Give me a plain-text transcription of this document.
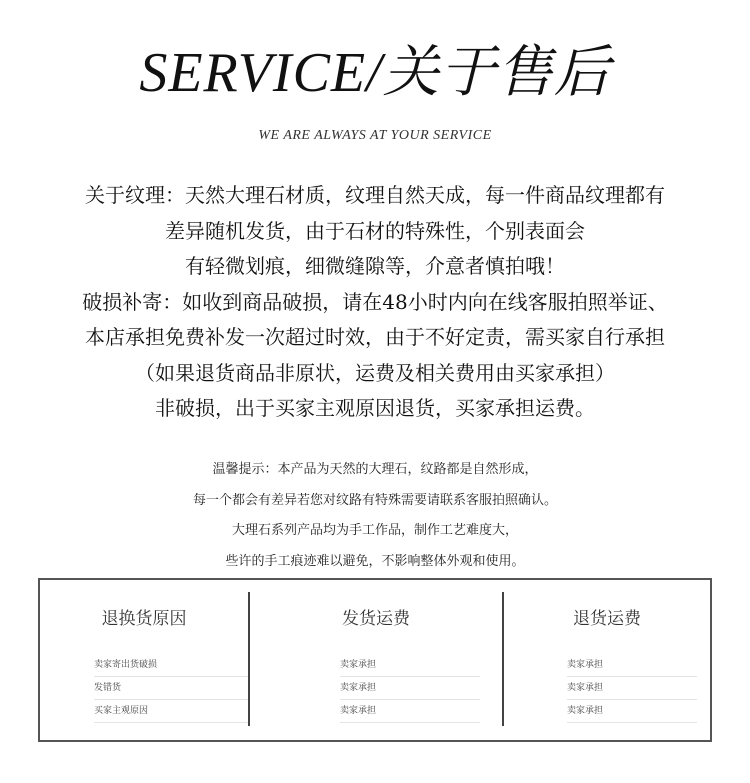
SERVICE/关于售后
WE ARE ALWAYS AT YOUR SERVICE
关于纹理：天然大理石材质，纹理自然天成，每一件商品纹理都有
差异随机发货，由于石材的特殊性，个别表面会
有轻微划痕，细微缝隙等，介意者慎拍哦！
破损补寄：如收到商品破损，请在48小时内向在线客服拍照举证、
本店承担免费补发一次超过时效，由于不好定责，需买家自行承担
（如果退货商品非原状，运费及相关费用由买家承担）
非破损，出于买家主观原因退货，买家承担运费。
温馨提示：本产品为天然的大理石，纹路都是自然形成，
每一个都会有差异若您对纹路有特殊需要请联系客服拍照确认。
大理石系列产品均为手工作品，制作工艺难度大，
些许的手工痕迹难以避免，不影响整体外观和使用。
退换货原因
卖家寄出货破损
发错货
买家主观原因
发货运费
卖家承担
卖家承担
卖家承担
退货运费
卖家承担
卖家承担
卖家承担
